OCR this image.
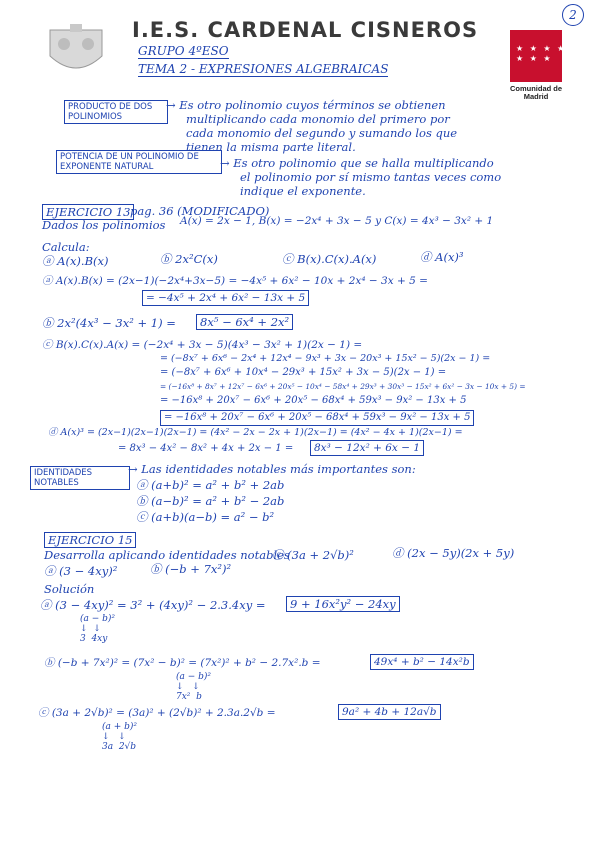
2
I.E.S. CARDENAL CISNEROS
GRUPO 4ºESO
TEMA 2 - EXPRESIONES ALGEBRAICAS
★ ★ ★ ★
★ ★ ★
Comunidad de Madrid
PRODUCTO DE DOS POLINOMIOS
→ Es otro polinomio cuyos términos se obtienen
multiplicando cada monomio del primero por
cada monomio del segundo y sumando los que
tienen la misma parte literal.
POTENCIA DE UN POLINOMIO DE EXPONENTE NATURAL	→ Es otro polinomio que se halla multiplicando
el polinomio por sí mismo tantas veces como
indique el exponente.
EJERCICIO 13 pag. 36 (MODIFICADO)
Dados los polinomios A(x) = 2x − 1, B(x) = −2x⁴ + 3x − 5 y C(x) = 4x³ − 3x² + 1
Calcula:
ⓐ A(x).B(x)	ⓑ 2x²C(x)	ⓒ B(x).C(x).A(x)	ⓓ A(x)³
ⓐ A(x).B(x) = (2x−1)(−2x⁴+3x−5) = −4x⁵ + 6x² − 10x + 2x⁴ − 3x + 5 =
= −4x⁵ + 2x⁴ + 6x² − 13x + 5
ⓑ 2x²(4x³ − 3x² + 1) =	8x⁵ − 6x⁴ + 2x²
ⓒ B(x).C(x).A(x) = (−2x⁴ + 3x − 5)(4x³ − 3x² + 1)(2x − 1) =
= (−8x⁷ + 6x⁶ − 2x⁴ + 12x⁴ − 9x³ + 3x − 20x³ + 15x² − 5)(2x − 1) =
= (−8x⁷ + 6x⁶ + 10x⁴ − 29x³ + 15x² + 3x − 5)(2x − 1) =
= (−16x⁸ + 8x⁷ + 12x⁷ − 6x⁶ + 20x⁵ − 10x⁴ − 58x⁴ + 29x³ + 30x³ − 15x² + 6x² − 3x − 10x + 5) =
= −16x⁸ + 20x⁷ − 6x⁶ + 20x⁵ − 68x⁴ + 59x³ − 9x² − 13x + 5
= −16x⁸ + 20x⁷ − 6x⁶ + 20x⁵ − 68x⁴ + 59x³ − 9x² − 13x + 5
ⓓ A(x)³ = (2x−1)(2x−1)(2x−1) = (4x² − 2x − 2x + 1)(2x−1) = (4x² − 4x + 1)(2x−1) =
= 8x³ − 4x² − 8x² + 4x + 2x − 1 =	8x³ − 12x² + 6x − 1
IDENTIDADES NOTABLES
→ Las identidades notables más importantes son:
ⓐ (a+b)² = a² + b² + 2ab
ⓑ (a−b)² = a² + b² − 2ab
ⓒ (a+b)(a−b) = a² − b²
EJERCICIO 15
Desarrolla aplicando identidades notables
ⓐ (3 − 4xy)²	ⓑ (−b + 7x²)²
ⓒ (3a + 2√b)²	ⓓ (2x − 5y)(2x + 5y)
Solución
ⓐ (3 − 4xy)² = 3² + (4xy)² − 2.3.4xy =	9 + 16x²y² − 24xy
(a − b)²
↓  ↓
3  4xy
ⓑ (−b + 7x²)² = (7x² − b)² = (7x²)² + b² − 2.7x².b =	49x⁴ + b² − 14x²b
(a − b)²
↓   ↓
7x²  b
ⓒ (3a + 2√b)² = (3a)² + (2√b)² + 2.3a.2√b =	9a² + 4b + 12a√b
(a + b)²
↓   ↓
3a  2√b
